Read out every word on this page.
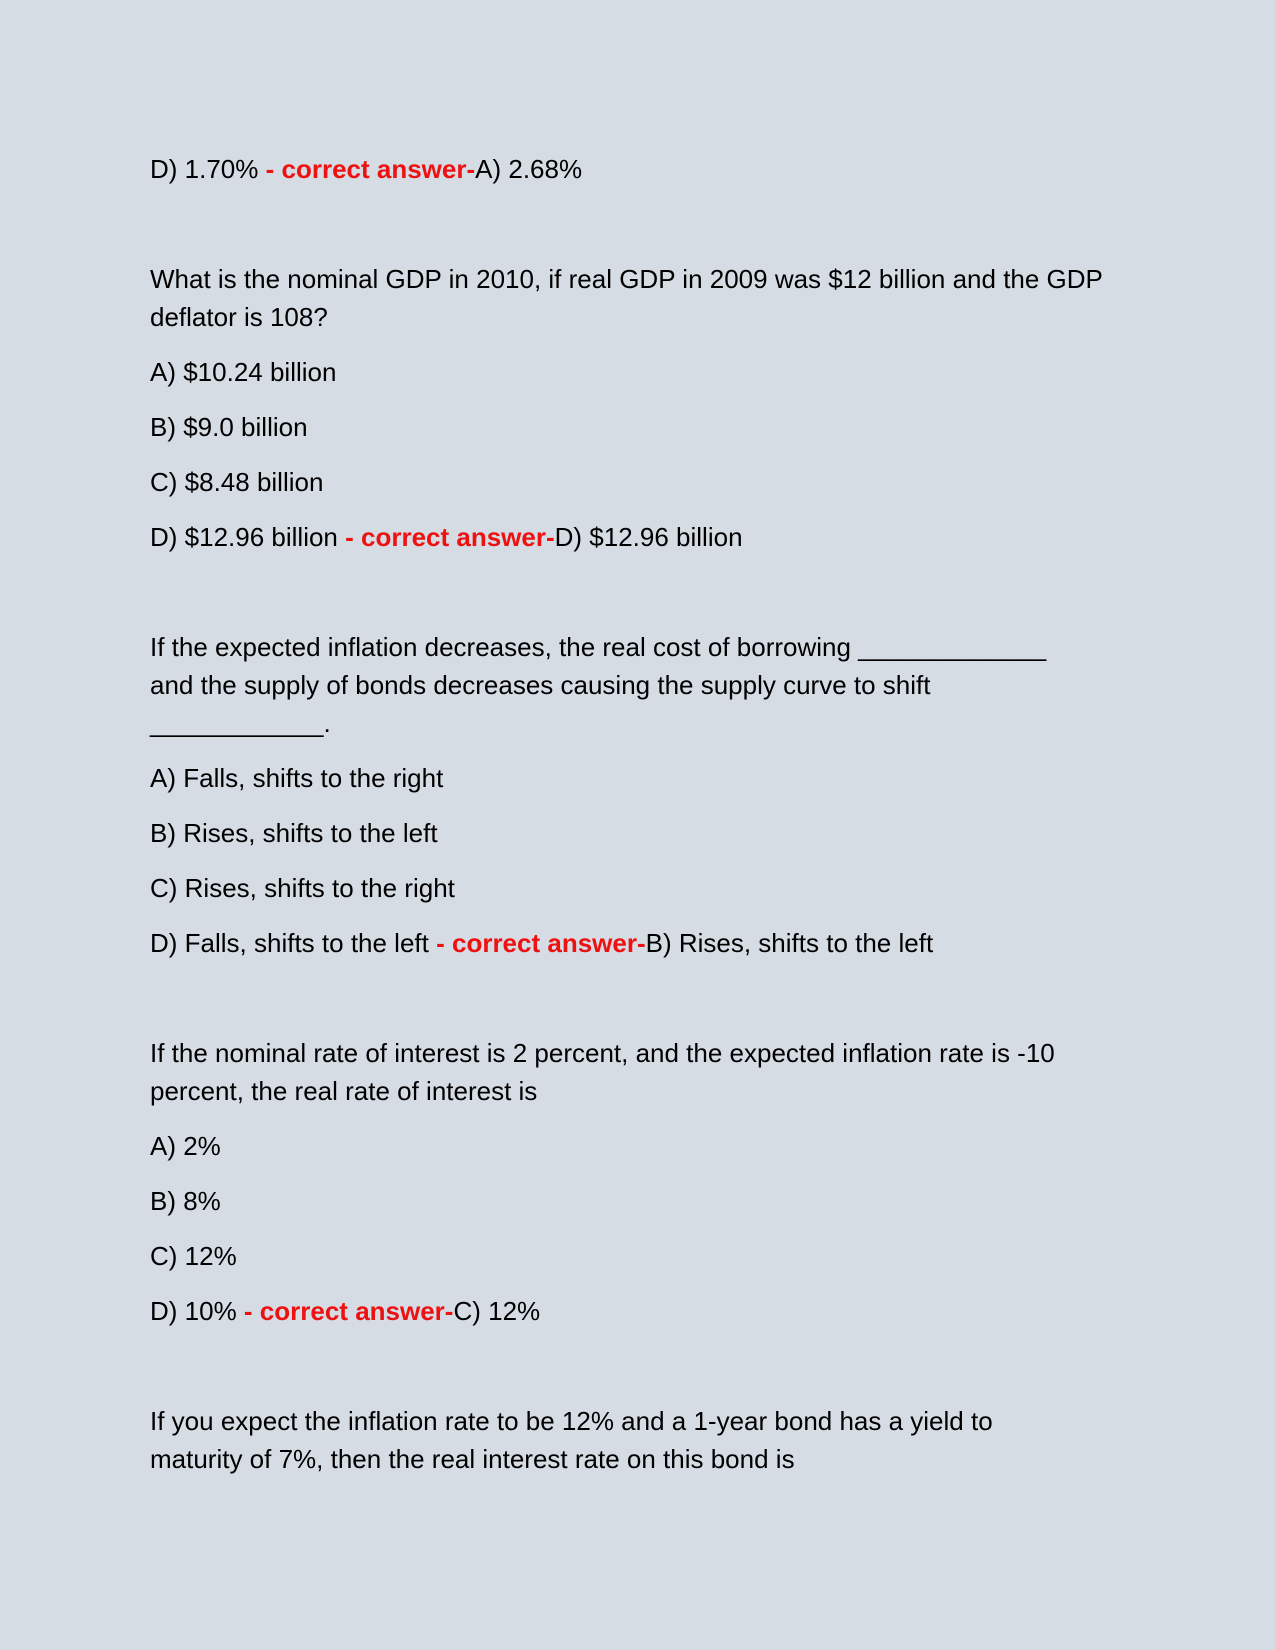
D) 1.70% - correct answer-A) 2.68%

What is the nominal GDP in 2010, if real GDP in 2009 was $12 billion and the GDP deflator is 108?

A) $10.24 billion

B) $9.0 billion

C) $8.48 billion

D) $12.96 billion - correct answer-D) $12.96 billion

If the expected inflation decreases, the real cost of borrowing _____________ and the supply of bonds decreases causing the supply curve to shift ____________.

A) Falls, shifts to the right

B) Rises, shifts to the left

C) Rises, shifts to the right

D) Falls, shifts to the left - correct answer-B) Rises, shifts to the left

If the nominal rate of interest is 2 percent, and the expected inflation rate is -10 percent, the real rate of interest is

A) 2%

B) 8%

C) 12%

D) 10% - correct answer-C) 12%

If you expect the inflation rate to be 12% and a 1-year bond has a yield to maturity of 7%, then the real interest rate on this bond is
